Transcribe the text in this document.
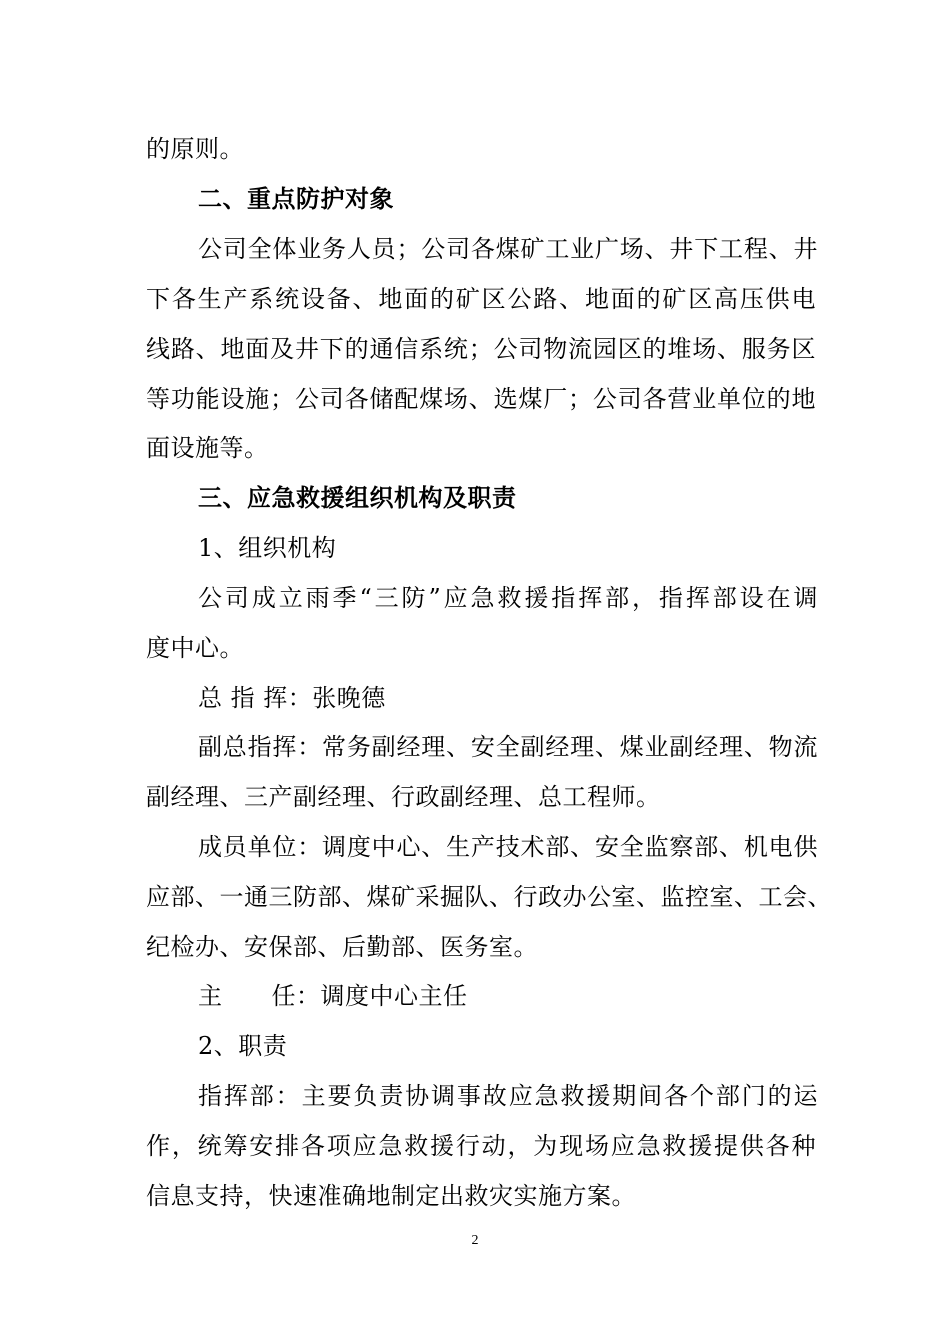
的原则。
二、重点防护对象
公司全体业务人员；公司各煤矿工业广场、井下工程、井
下各生产系统设备、地面的矿区公路、地面的矿区高压供电
线路、地面及井下的通信系统；公司物流园区的堆场、服务区
等功能设施；公司各储配煤场、选煤厂；公司各营业单位的地
面设施等。
三、应急救援组织机构及职责
1、组织机构
公司成立雨季“三防”应急救援指挥部，指挥部设在调
度中心。
总 指 挥：张晚德
副总指挥：常务副经理、安全副经理、煤业副经理、物流
副经理、三产副经理、行政副经理、总工程师。
成员单位：调度中心、生产技术部、安全监察部、机电供
应部、一通三防部、煤矿采掘队、行政办公室、监控室、工会、
纪检办、安保部、后勤部、医务室。
主　　任：调度中心主任
2、职责
指挥部：主要负责协调事故应急救援期间各个部门的运
作，统筹安排各项应急救援行动，为现场应急救援提供各种
信息支持，快速准确地制定出救灾实施方案。
2
